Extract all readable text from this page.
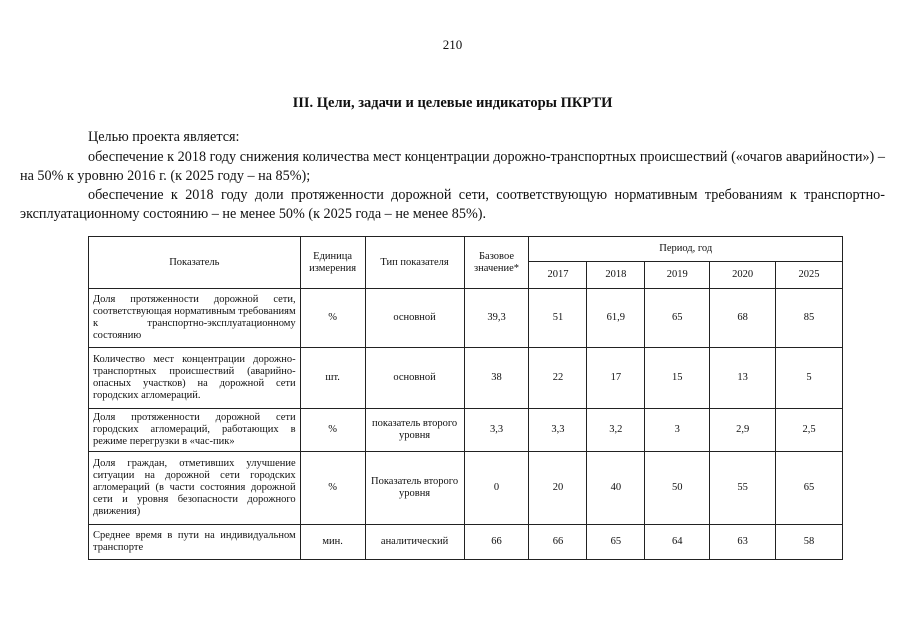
210
III. Цели, задачи и целевые индикаторы ПКРТИ
Целью проекта является:
обеспечение к 2018 году снижения количества мест концентрации дорожно-транспортных происшествий («очагов аварийности») – на 50% к уровню 2016 г. (к 2025 году – на 85%);
обеспечение к 2018 году доли протяженности дорожной сети, соответствующую нормативным требованиям к транспортно-эксплуатационному состоянию – не менее 50% (к 2025 года – не менее 85%).
Показатель	Единица измерения	Тип показателя	Базовое значение*	Период, год				
				2017	2018	2019	2020	2025
Доля протяженности дорожной сети, соответствующая нормативным требованиям к транспортно-эксплуатационному состоянию	%	основной	39,3	51	61,9	65	68	85
Количество мест концентрации дорожно-транспортных происшествий (аварийно-опасных участков) на дорожной сети городских агломераций.	шт.	основной	38	22	17	15	13	5
Доля протяженности дорожной сети городских агломераций, работающих в режиме перегрузки в «час-пик»	%	показатель второго уровня	3,3	3,3	3,2	3	2,9	2,5
Доля граждан, отметивших улучшение ситуации на дорожной сети городских агломераций (в части состояния дорожной сети и уровня безопасности дорожного движения)	%	Показатель второго уровня	0	20	40	50	55	65
Среднее время в пути на индивидуальном транспорте	мин.	аналитический	66	66	65	64	63	58
